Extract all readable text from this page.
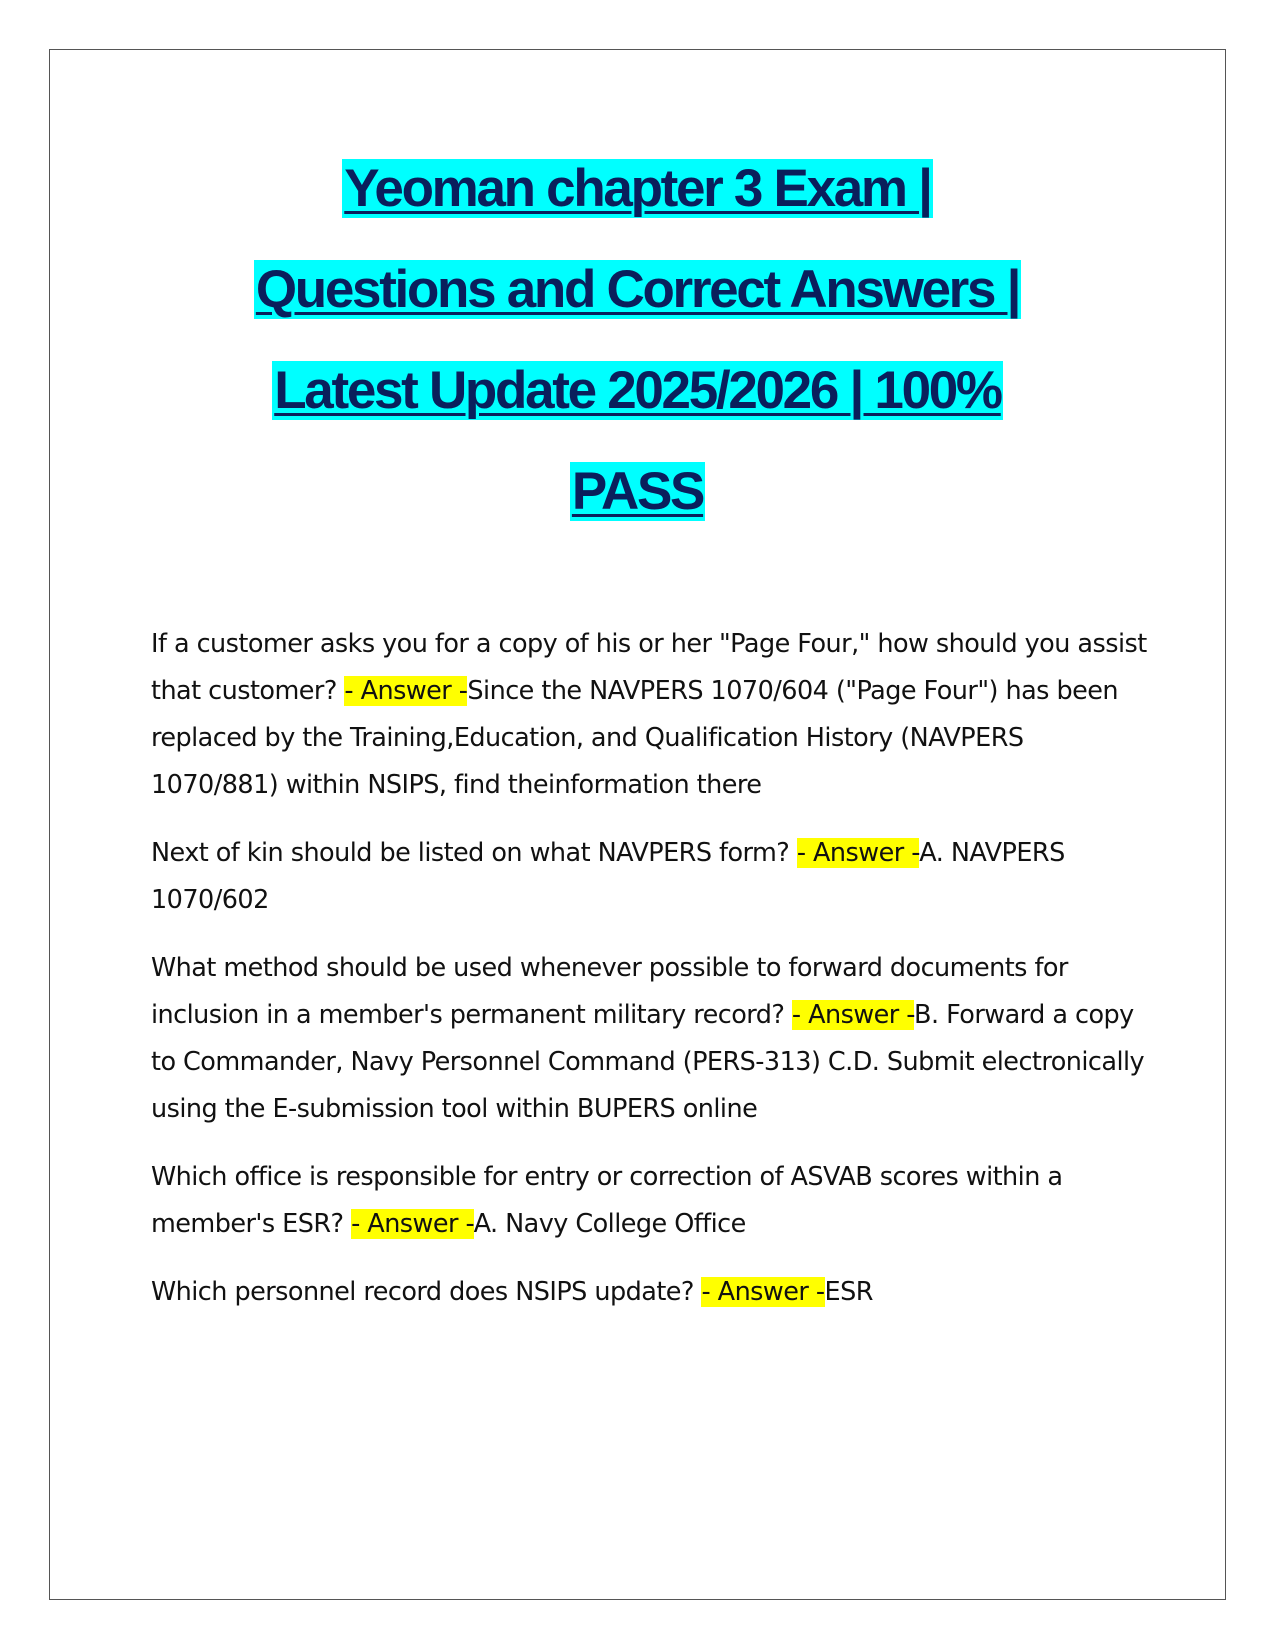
Yeoman chapter 3 Exam |
Questions and Correct Answers |
Latest Update 2025/2026 | 100%
PASS

If a customer asks you for a copy of his or her "Page Four," how should you assist that customer? - Answer -Since the NAVPERS 1070/604 ("Page Four") has been replaced by the Training,Education, and Qualification History (NAVPERS 1070/881) within NSIPS, find theinformation there

Next of kin should be listed on what NAVPERS form? - Answer -A. NAVPERS 1070/602

What method should be used whenever possible to forward documents for inclusion in a member's permanent military record? - Answer -B. Forward a copy to Commander, Navy Personnel Command (PERS-313) C.D. Submit electronically using the E-submission tool within BUPERS online

Which office is responsible for entry or correction of ASVAB scores within a member's ESR? - Answer -A. Navy College Office

Which personnel record does NSIPS update? - Answer -ESR
